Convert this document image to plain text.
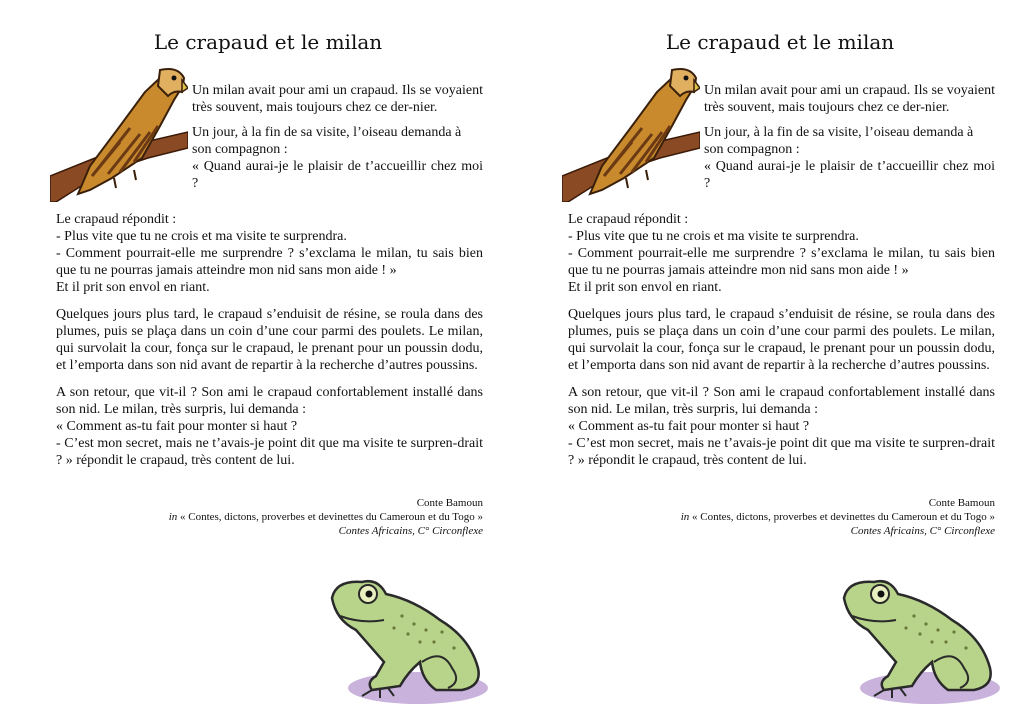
Le crapaud et le milan

Un milan avait pour ami un crapaud. Ils se voyaient très souvent, mais toujours chez ce der-nier.

Un jour, à la fin de sa visite, l’oiseau demanda à son compagnon :
« Quand aurai-je le plaisir de t’accueillir chez moi ?

Le crapaud répondit :
- Plus vite que tu ne crois et ma visite te surprendra.
- Comment pourrait-elle me surprendre ? s’exclama le milan, tu sais bien que tu ne pourras jamais atteindre mon nid sans mon aide ! »
Et il prit son envol en riant.

Quelques jours plus tard, le crapaud s’enduisit de résine, se roula dans des plumes, puis se plaça dans un coin d’une cour parmi des poulets. Le milan, qui survolait la cour, fonça sur le crapaud, le prenant pour un poussin dodu, et l’emporta dans son nid avant de repartir à la recherche d’autres poussins.

A son retour, que vit-il ? Son ami le crapaud confortablement installé dans son nid. Le milan, très surpris, lui demanda :
« Comment as-tu fait pour monter si haut ?
- C’est mon secret, mais ne t’avais-je point dit que ma visite te surpren-drait ? » répondit le crapaud, très content de lui.

Conte Bamoun
in « Contes, dictons, proverbes et devinettes du Cameroun et du Togo »
Contes Africains, C° Circonflexe
Le crapaud et le milan

Un milan avait pour ami un crapaud. Ils se voyaient très souvent, mais toujours chez ce der-nier.

Un jour, à la fin de sa visite, l’oiseau demanda à son compagnon :
« Quand aurai-je le plaisir de t’accueillir chez moi ?

Le crapaud répondit :
- Plus vite que tu ne crois et ma visite te surprendra.
- Comment pourrait-elle me surprendre ? s’exclama le milan, tu sais bien que tu ne pourras jamais atteindre mon nid sans mon aide ! »
Et il prit son envol en riant.

Quelques jours plus tard, le crapaud s’enduisit de résine, se roula dans des plumes, puis se plaça dans un coin d’une cour parmi des poulets. Le milan, qui survolait la cour, fonça sur le crapaud, le prenant pour un poussin dodu, et l’emporta dans son nid avant de repartir à la recherche d’autres poussins.

A son retour, que vit-il ? Son ami le crapaud confortablement installé dans son nid. Le milan, très surpris, lui demanda :
« Comment as-tu fait pour monter si haut ?
- C’est mon secret, mais ne t’avais-je point dit que ma visite te surpren-drait ? » répondit le crapaud, très content de lui.

Conte Bamoun
in « Contes, dictons, proverbes et devinettes du Cameroun et du Togo »
Contes Africains, C° Circonflexe
